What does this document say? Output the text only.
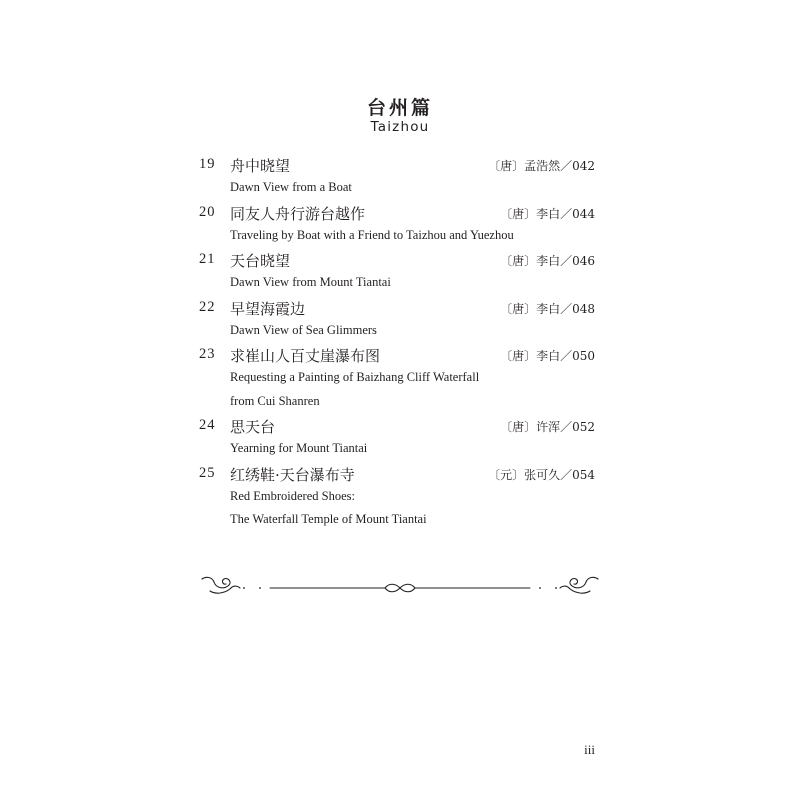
台州篇
Taizhou
19 舟中晓望	〔唐〕孟浩然／042
Dawn View from a Boat
20 同友人舟行游台越作	〔唐〕李白／044
Traveling by Boat with a Friend to Taizhou and Yuezhou
21 天台晓望	〔唐〕李白／046
Dawn View from Mount Tiantai
22 早望海霞边	〔唐〕李白／048
Dawn View of Sea Glimmers
23 求崔山人百丈崖瀑布图	〔唐〕李白／050
Requesting a Painting of Baizhang Cliff Waterfall
from Cui Shanren
24 思天台	〔唐〕许浑／052
Yearning for Mount Tiantai
25 红绣鞋·天台瀑布寺	〔元〕张可久／054
Red Embroidered Shoes:
The Waterfall Temple of Mount Tiantai
iii
